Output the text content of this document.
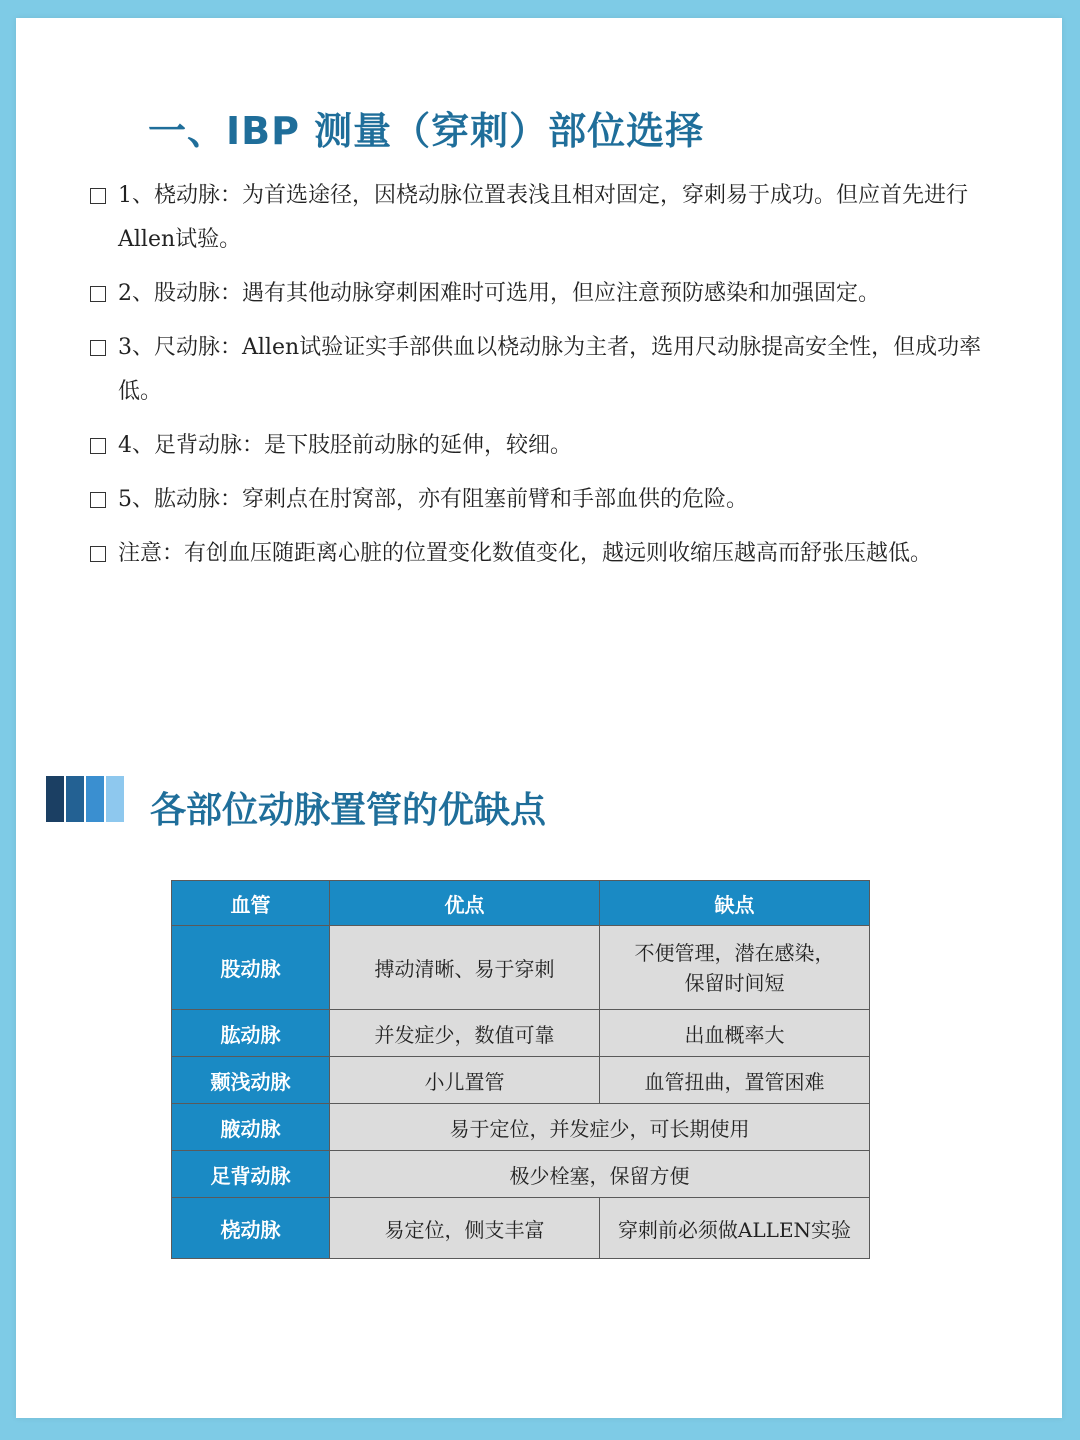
一、IBP 测量（穿刺）部位选择
1、桡动脉：为首选途径，因桡动脉位置表浅且相对固定，穿刺易于成功。但应首先进行Allen试验。
2、股动脉：遇有其他动脉穿刺困难时可选用，但应注意预防感染和加强固定。
3、尺动脉：Allen试验证实手部供血以桡动脉为主者，选用尺动脉提高安全性，但成功率低。
4、足背动脉：是下肢胫前动脉的延伸，较细。
5、肱动脉：穿刺点在肘窝部，亦有阻塞前臂和手部血供的危险。
注意：有创血压随距离心脏的位置变化数值变化，越远则收缩压越高而舒张压越低。
各部位动脉置管的优缺点
血管	优点	缺点
股动脉	搏动清晰、易于穿刺	不便管理，潜在感染，
保留时间短
肱动脉	并发症少，数值可靠	出血概率大
颞浅动脉	小儿置管	血管扭曲，置管困难
腋动脉	易于定位，并发症少，可长期使用	
足背动脉	极少栓塞，保留方便	
桡动脉	易定位，侧支丰富	穿刺前必须做ALLEN实验
